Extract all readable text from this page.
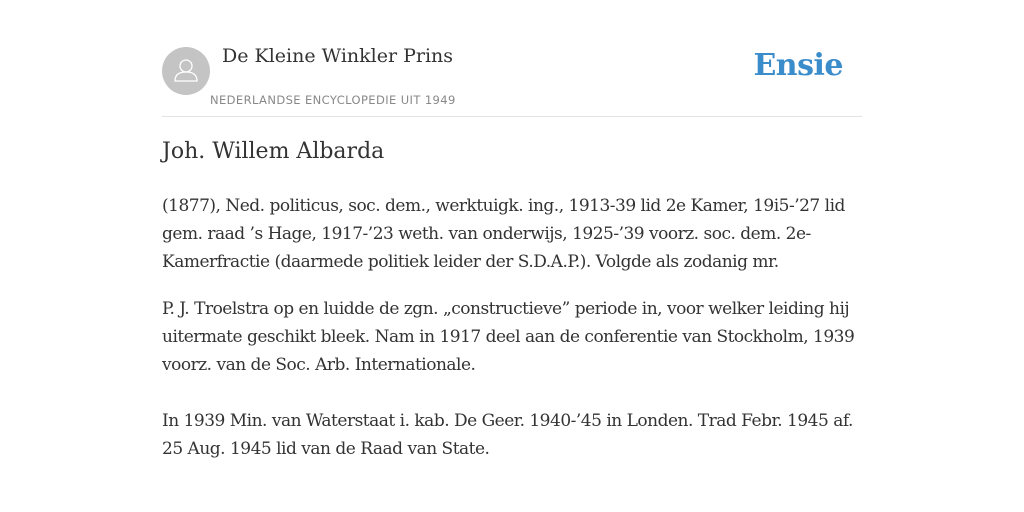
De Kleine Winkler Prins
NEDERLANDSE ENCYCLOPEDIE UIT 1949
Ensie
Joh. Willem Albarda

(1877), Ned. politicus, soc. dem., werktuigk. ing., 1913-39 lid 2e Kamer, 19i5-’27 lid gem. raad ’s Hage, 1917-’23 weth. van onderwijs, 1925-’39 voorz. soc. dem. 2e-Kamerfractie (daarmede politiek leider der S.D.A.P.). Volgde als zodanig mr.

P. J. Troelstra op en luidde de zgn. „constructieve” periode in, voor welker leiding hij uitermate geschikt bleek. Nam in 1917 deel aan de conferentie van Stockholm, 1939 voorz. van de Soc. Arb. Internationale.

In 1939 Min. van Waterstaat i. kab. De Geer. 1940-’45 in Londen. Trad Febr. 1945 af. 25 Aug. 1945 lid van de Raad van State.
